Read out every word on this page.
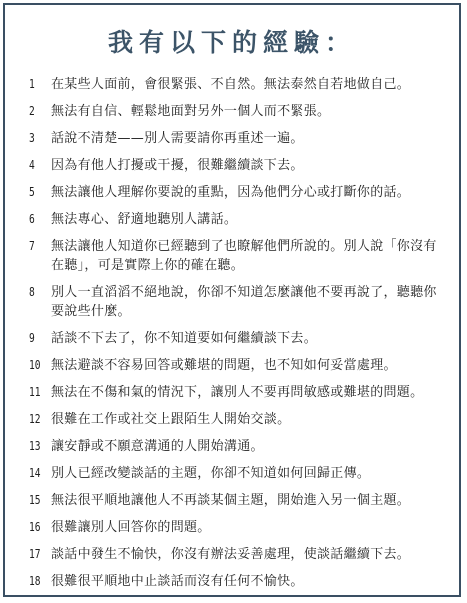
我有以下的經驗：
1	在某些人面前，會很緊張、不自然。無法泰然自若地做自己。
2	無法有自信、輕鬆地面對另外一個人而不緊張。
3	話說不清楚——別人需要請你再重述一遍。
4	因為有他人打擾或干擾，很難繼續談下去。
5	無法讓他人理解你要說的重點，因為他們分心或打斷你的話。
6	無法專心、舒適地聽別人講話。
7	無法讓他人知道你已經聽到了也瞭解他們所說的。別人說「你沒有在聽」，可是實際上你的確在聽。
8	別人一直滔滔不絕地說，你卻不知道怎麼讓他不要再說了，聽聽你要說些什麼。
9	話談不下去了，你不知道要如何繼續談下去。
10 無法避談不容易回答或難堪的問題，也不知如何妥當處理。
11 無法在不傷和氣的情況下，讓別人不要再問敏感或難堪的問題。
12 很難在工作或社交上跟陌生人開始交談。
13 讓安靜或不願意溝通的人開始溝通。
14 別人已經改變談話的主題，你卻不知道如何回歸正傳。
15 無法很平順地讓他人不再談某個主題，開始進入另一個主題。
16 很難讓別人回答你的問題。
17 談話中發生不愉快，你沒有辦法妥善處理，使談話繼續下去。
18 很難很平順地中止談話而沒有任何不愉快。
